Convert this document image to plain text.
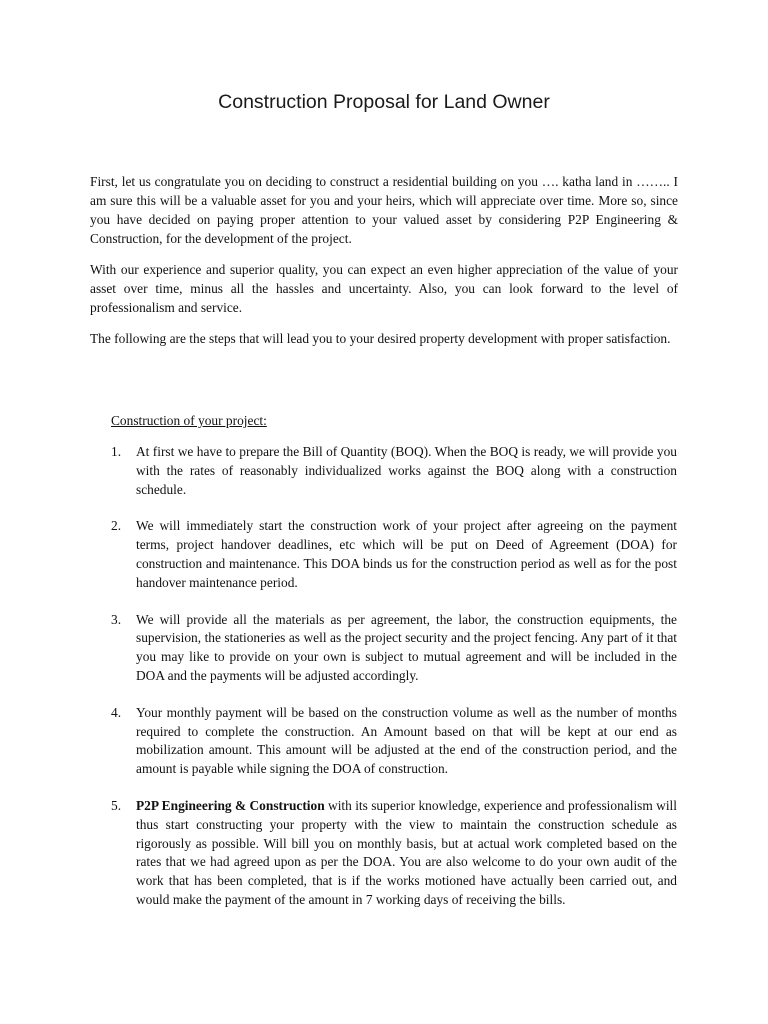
Construction Proposal for Land Owner

First, let us congratulate you on deciding to construct a residential building on you …. katha land in …….. I am sure this will be a valuable asset for you and your heirs, which will appreciate over time. More so, since you have decided on paying proper attention to your valued asset by considering P2P Engineering & Construction, for the development of the project.

With our experience and superior quality, you can expect an even higher appreciation of the value of your asset over time, minus all the hassles and uncertainty. Also, you can look forward to the level of professionalism and service.

The following are the steps that will lead you to your desired property development with proper satisfaction.

Construction of your project:

1. At first we have to prepare the Bill of Quantity (BOQ). When the BOQ is ready, we will provide you with the rates of reasonably individualized works against the BOQ along with a construction schedule.
2. We will immediately start the construction work of your project after agreeing on the payment terms, project handover deadlines, etc which will be put on Deed of Agreement (DOA) for construction and maintenance. This DOA binds us for the construction period as well as for the post handover maintenance period.
3. We will provide all the materials as per agreement, the labor, the construction equipments, the supervision, the stationeries as well as the project security and the project fencing. Any part of it that you may like to provide on your own is subject to mutual agreement and will be included in the DOA and the payments will be adjusted accordingly.
4. Your monthly payment will be based on the construction volume as well as the number of months required to complete the construction. An Amount based on that will be kept at our end as mobilization amount. This amount will be adjusted at the end of the construction period, and the amount is payable while signing the DOA of construction.
5. P2P Engineering & Construction with its superior knowledge, experience and professionalism will thus start constructing your property with the view to maintain the construction schedule as rigorously as possible. Will bill you on monthly basis, but at actual work completed based on the rates that we had agreed upon as per the DOA. You are also welcome to do your own audit of the work that has been completed, that is if the works motioned have actually been carried out, and would make the payment of the amount in 7 working days of receiving the bills.
